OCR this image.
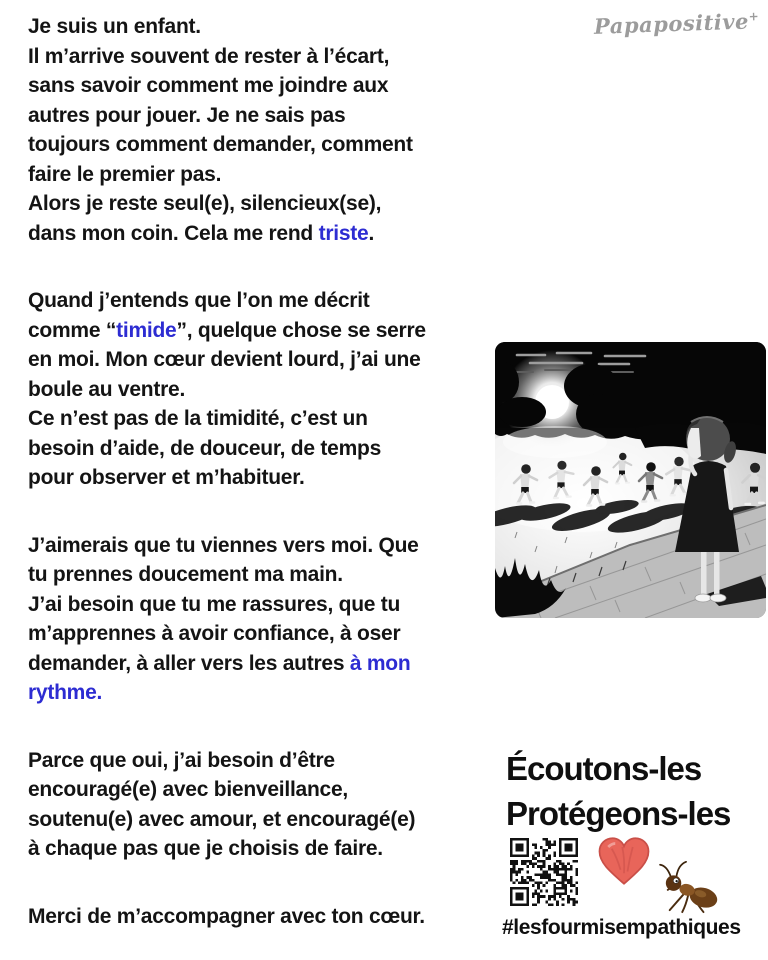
Papapositive+
Je suis un enfant.
Il m’arrive souvent de rester à l’écart,
sans savoir comment me joindre aux
autres pour jouer. Je ne sais pas
toujours comment demander, comment
faire le premier pas.
Alors je reste seul(e), silencieux(se),
dans mon coin. Cela me rend triste.
Quand j’entends que l’on me décrit
comme “timide”, quelque chose se serre
en moi. Mon cœur devient lourd, j’ai une
boule au ventre.
Ce n’est pas de la timidité, c’est un
besoin d’aide, de douceur, de temps
pour observer et m’habituer.
J’aimerais que tu viennes vers moi. Que
tu prennes doucement ma main.
J’ai besoin que tu me rassures, que tu
m’apprennes à avoir confiance, à oser
demander, à aller vers les autres à mon
rythme.
Parce que oui, j’ai besoin d’être
encouragé(e) avec bienveillance,
soutenu(e) avec amour, et encouragé(e)
à chaque pas que je choisis de faire.
Merci de m’accompagner avec ton cœur.
Écoutons-les
Protégeons-les
#lesfourmisempathiques
